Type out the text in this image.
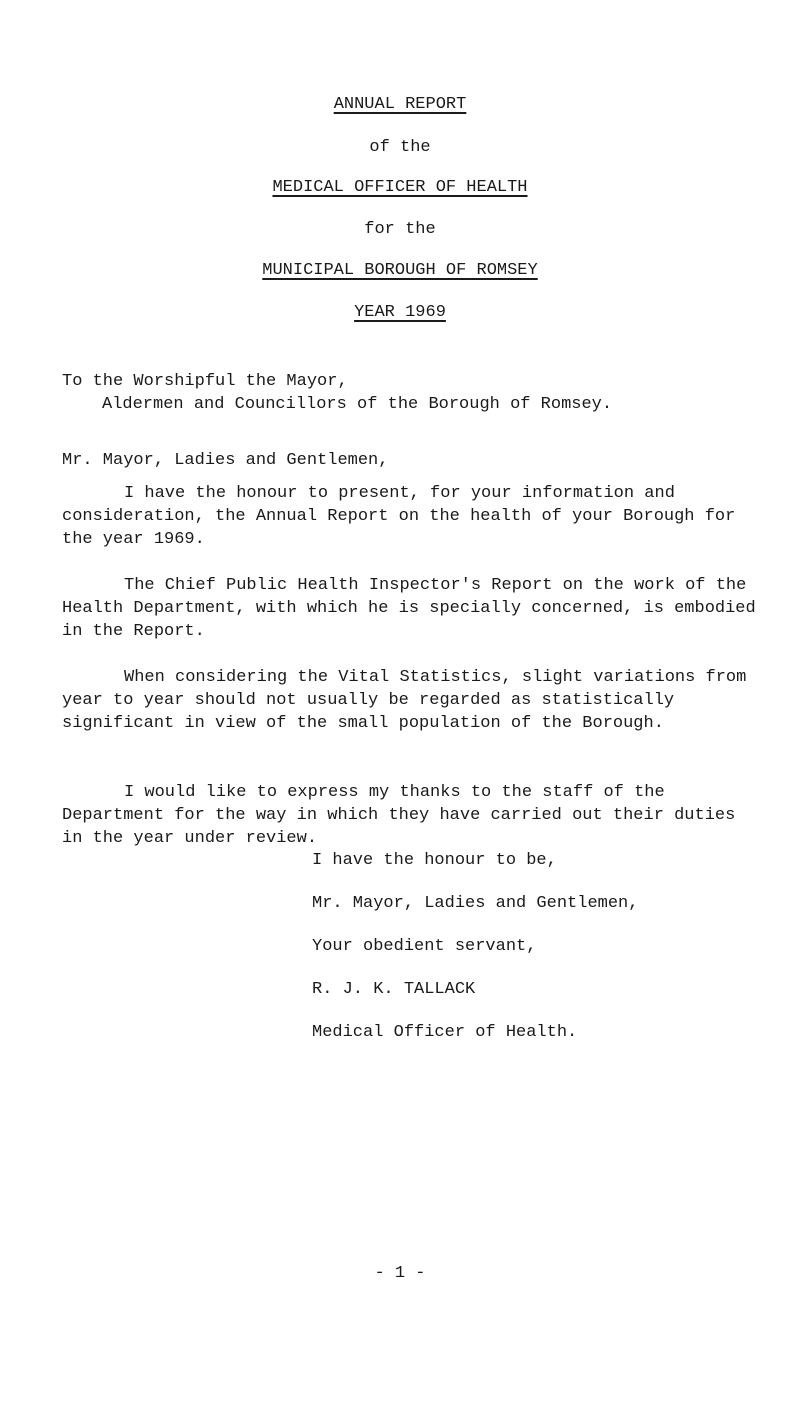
ANNUAL REPORT
of the
MEDICAL OFFICER OF HEALTH
for the
MUNICIPAL BOROUGH OF ROMSEY
YEAR 1969
To the Worshipful the Mayor,
Aldermen and Councillors of the Borough of Romsey.
Mr. Mayor, Ladies and Gentlemen,

I have the honour to present, for your information and consideration, the Annual Report on the health of your Borough for the year 1969.

The Chief Public Health Inspector's Report on the work of the Health Department, with which he is specially concerned, is embodied in the Report.

When considering the Vital Statistics, slight variations from year to year should not usually be regarded as statistically significant in view of the small population of the Borough.

I would like to express my thanks to the staff of the Department for the way in which they have carried out their duties in the year under review.

I have the honour to be,
Mr. Mayor, Ladies and Gentlemen,
Your obedient servant,
R. J. K. TALLACK
Medical Officer of Health.
- 1 -
